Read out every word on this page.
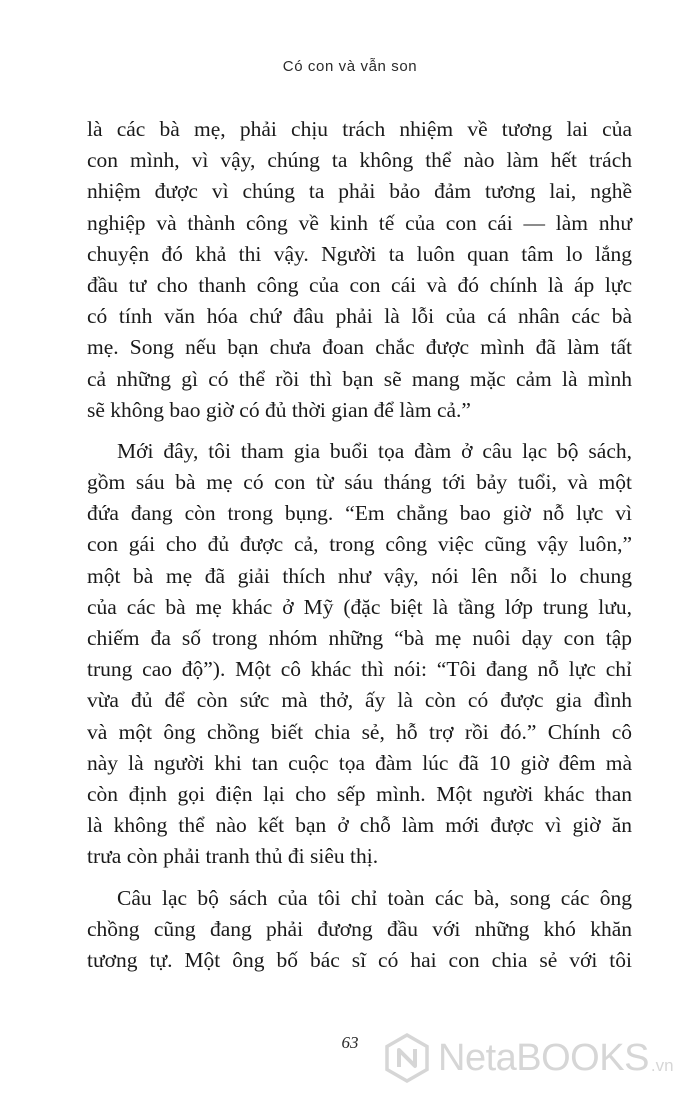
Có con và vẫn son
là các bà mẹ, phải chịu trách nhiệm về tương lai của
con mình, vì vậy, chúng ta không thể nào làm hết trách
nhiệm được vì chúng ta phải bảo đảm tương lai, nghề
nghiệp và thành công về kinh tế của con cái — làm như
chuyện đó khả thi vậy. Người ta luôn quan tâm lo lắng
đầu tư cho thanh công của con cái và đó chính là áp lực
có tính văn hóa chứ đâu phải là lỗi của cá nhân các bà
mẹ. Song nếu bạn chưa đoan chắc được mình đã làm tất
cả những gì có thể rồi thì bạn sẽ mang mặc cảm là mình
sẽ không bao giờ có đủ thời gian để làm cả.”
Mới đây, tôi tham gia buổi tọa đàm ở câu lạc bộ sách,
gồm sáu bà mẹ có con từ sáu tháng tới bảy tuổi, và một
đứa đang còn trong bụng. “Em chẳng bao giờ nỗ lực vì
con gái cho đủ được cả, trong công việc cũng vậy luôn,”
một bà mẹ đã giải thích như vậy, nói lên nỗi lo chung
của các bà mẹ khác ở Mỹ (đặc biệt là tầng lớp trung lưu,
chiếm đa số trong nhóm những “bà mẹ nuôi dạy con tập
trung cao độ”). Một cô khác thì nói: “Tôi đang nỗ lực chỉ
vừa đủ để còn sức mà thở, ấy là còn có được gia đình
và một ông chồng biết chia sẻ, hỗ trợ rồi đó.” Chính cô
này là người khi tan cuộc tọa đàm lúc đã 10 giờ đêm mà
còn định gọi điện lại cho sếp mình. Một người khác than
là không thể nào kết bạn ở chỗ làm mới được vì giờ ăn
trưa còn phải tranh thủ đi siêu thị.
Câu lạc bộ sách của tôi chỉ toàn các bà, song các ông
chồng cũng đang phải đương đầu với những khó khăn
tương tự. Một ông bố bác sĩ có hai con chia sẻ với tôi
63	NetaBOOKS .vn
